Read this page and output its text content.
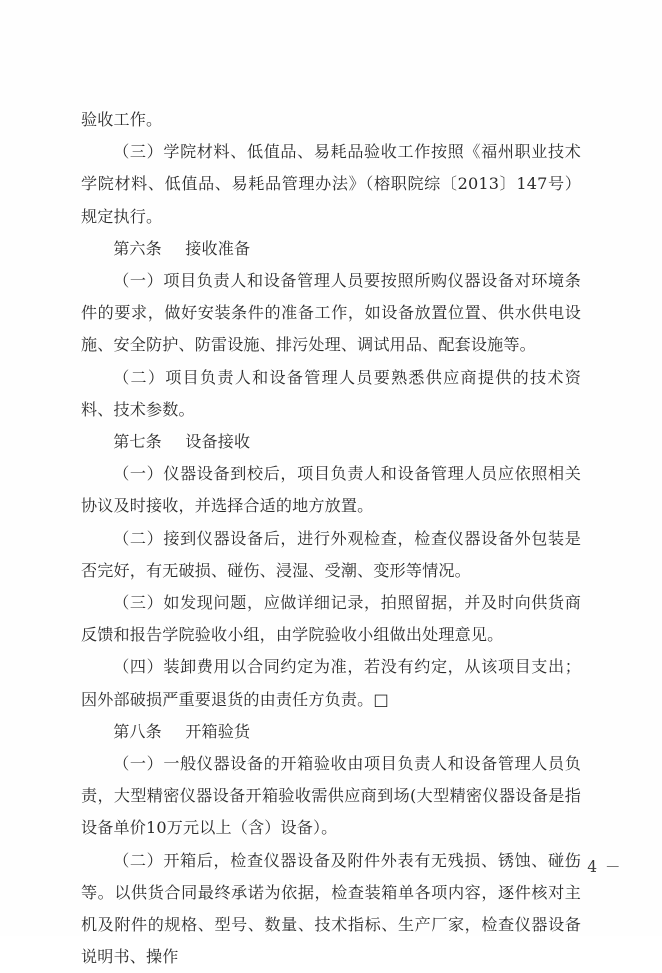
验收工作。

（三）学院材料、低值品、易耗品验收工作按照《福州职业技术学院材料、低值品、易耗品管理办法》（榕职院综〔2013〕147号）规定执行。

第六条 接收准备

（一）项目负责人和设备管理人员要按照所购仪器设备对环境条件的要求，做好安装条件的准备工作，如设备放置位置、供水供电设施、安全防护、防雷设施、排污处理、调试用品、配套设施等。

（二）项目负责人和设备管理人员要熟悉供应商提供的技术资料、技术参数。

第七条 设备接收

（一）仪器设备到校后，项目负责人和设备管理人员应依照相关协议及时接收，并选择合适的地方放置。

（二）接到仪器设备后，进行外观检查，检查仪器设备外包装是否完好，有无破损、碰伤、浸湿、受潮、变形等情况。

（三）如发现问题，应做详细记录，拍照留据，并及时向供货商反馈和报告学院验收小组，由学院验收小组做出处理意见。

（四）装卸费用以合同约定为准，若没有约定，从该项目支出；因外部破损严重要退货的由责任方负责。□

第八条 开箱验货

（一）一般仪器设备的开箱验收由项目负责人和设备管理人员负责，大型精密仪器设备开箱验收需供应商到场(大型精密仪器设备是指设备单价10万元以上（含）设备）。

（二）开箱后，检查仪器设备及附件外表有无残损、锈蚀、碰伤等。以供货合同最终承诺为依据，检查装箱单各项内容，逐件核对主机及附件的规格、型号、数量、技术指标、生产厂家，检查仪器设备说明书、操作

－ 4 －
